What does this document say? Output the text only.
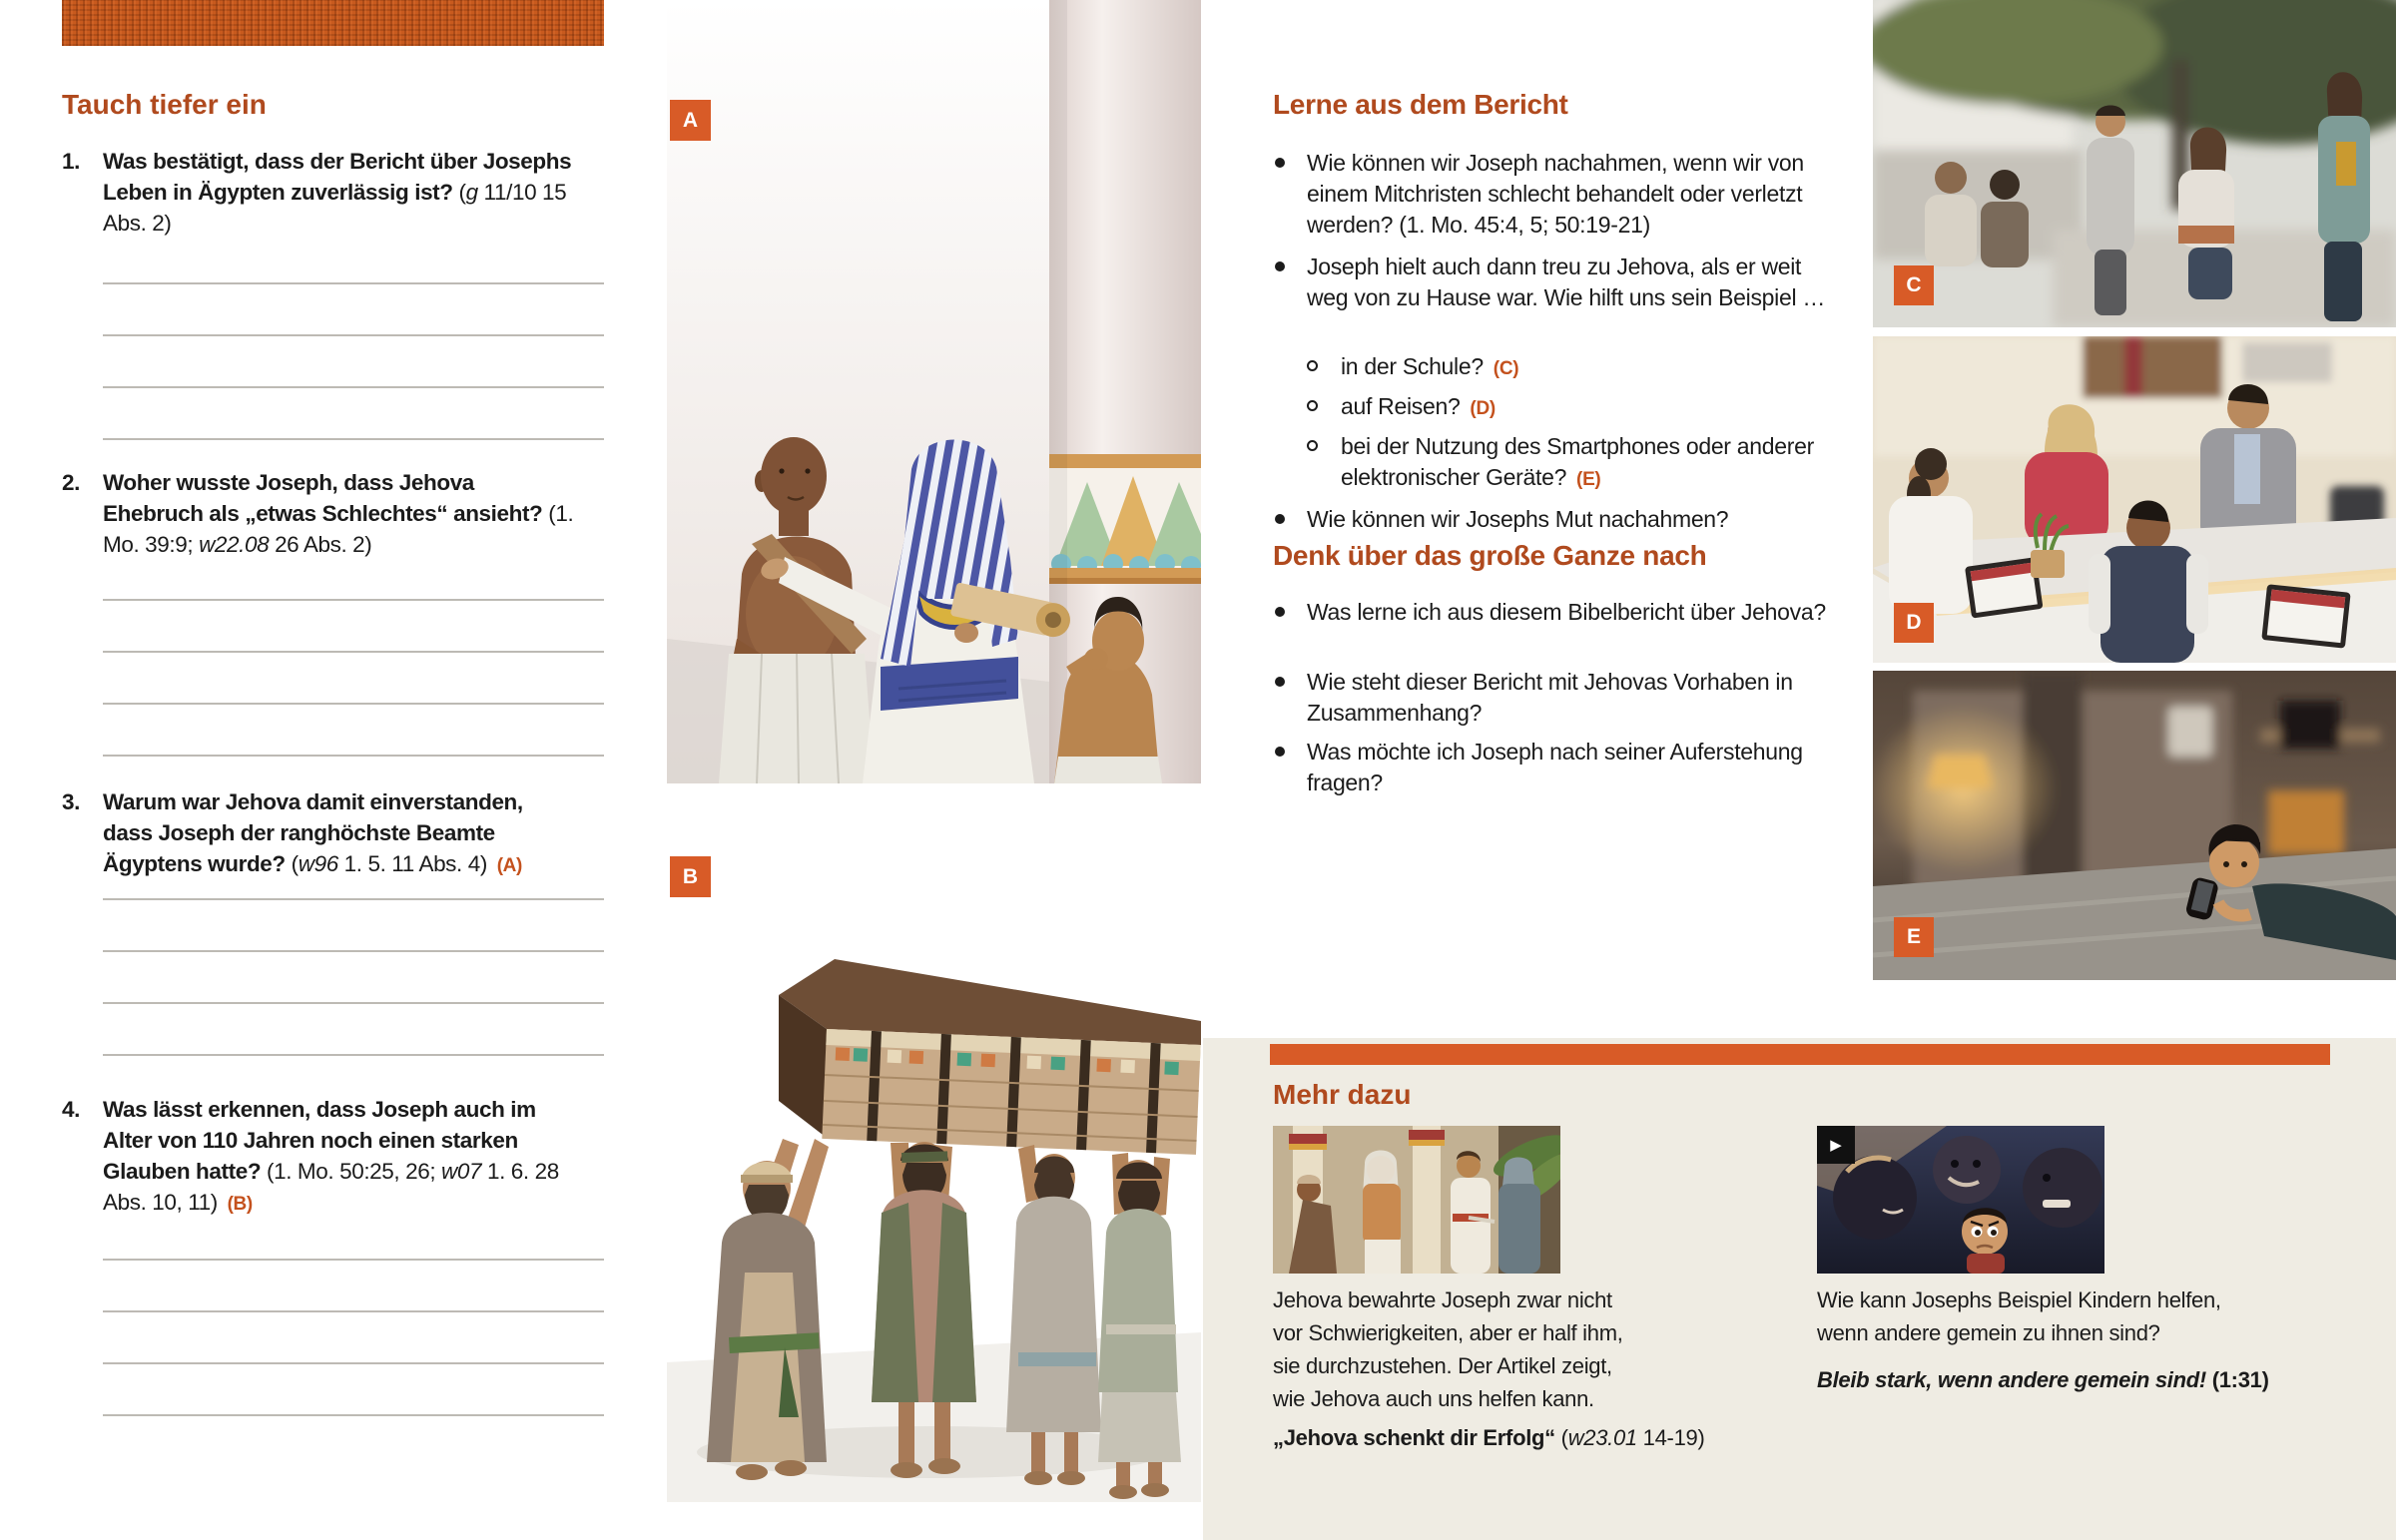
Tauch tiefer ein
1. Was bestätigt, dass der Bericht über Josephs Leben in Ägypten zuverlässig ist? (g 11/10 15 Abs. 2)
2. Woher wusste Joseph, dass Jehova Ehebruch als „etwas Schlechtes“ ansieht? (1. Mo. 39:9; w22.08 26 Abs. 2)
3. Warum war Jehova damit einverstanden, dass Joseph der ranghöchste Beamte Ägyptens wurde? (w96 1. 5. 11 Abs. 4)  (A)
4. Was lässt erkennen, dass Joseph auch im Alter von 110 Jahren noch einen starken Glauben hatte? (1. Mo. 50:25, 26; w07 1. 6. 28 Abs. 10, 11)  (B)
A
B
Lerne aus dem Bericht
Wie können wir Joseph nachahmen, wenn wir von einem Mitchristen schlecht behandelt oder verletzt werden? (1. Mo. 45:4, 5; 50:19-21)
Joseph hielt auch dann treu zu Jehova, als er weit weg von zu Hause war. Wie hilft uns sein Beispiel …
in der Schule?  (C)
auf Reisen?  (D)
bei der Nutzung des Smartphones oder anderer elektronischer Geräte?  (E)
Wie können wir Josephs Mut nachahmen?
Denk über das große Ganze nach
Was lerne ich aus diesem Bibelbericht über Jehova?
Wie steht dieser Bericht mit Jehovas Vorhaben in Zusammenhang?
Was möchte ich Joseph nach seiner Auferstehung fragen?
C
D
E
Mehr dazu
Jehova bewahrte Joseph zwar nicht vor Schwierigkeiten, aber er half ihm, sie durchzustehen. Der Artikel zeigt, wie Jehova auch uns helfen kann.
„Jehova schenkt dir Erfolg“ (w23.01 14-19)
▶
Wie kann Josephs Beispiel Kindern helfen, wenn andere gemein zu ihnen sind?
Bleib stark, wenn andere gemein sind! (1:31)
